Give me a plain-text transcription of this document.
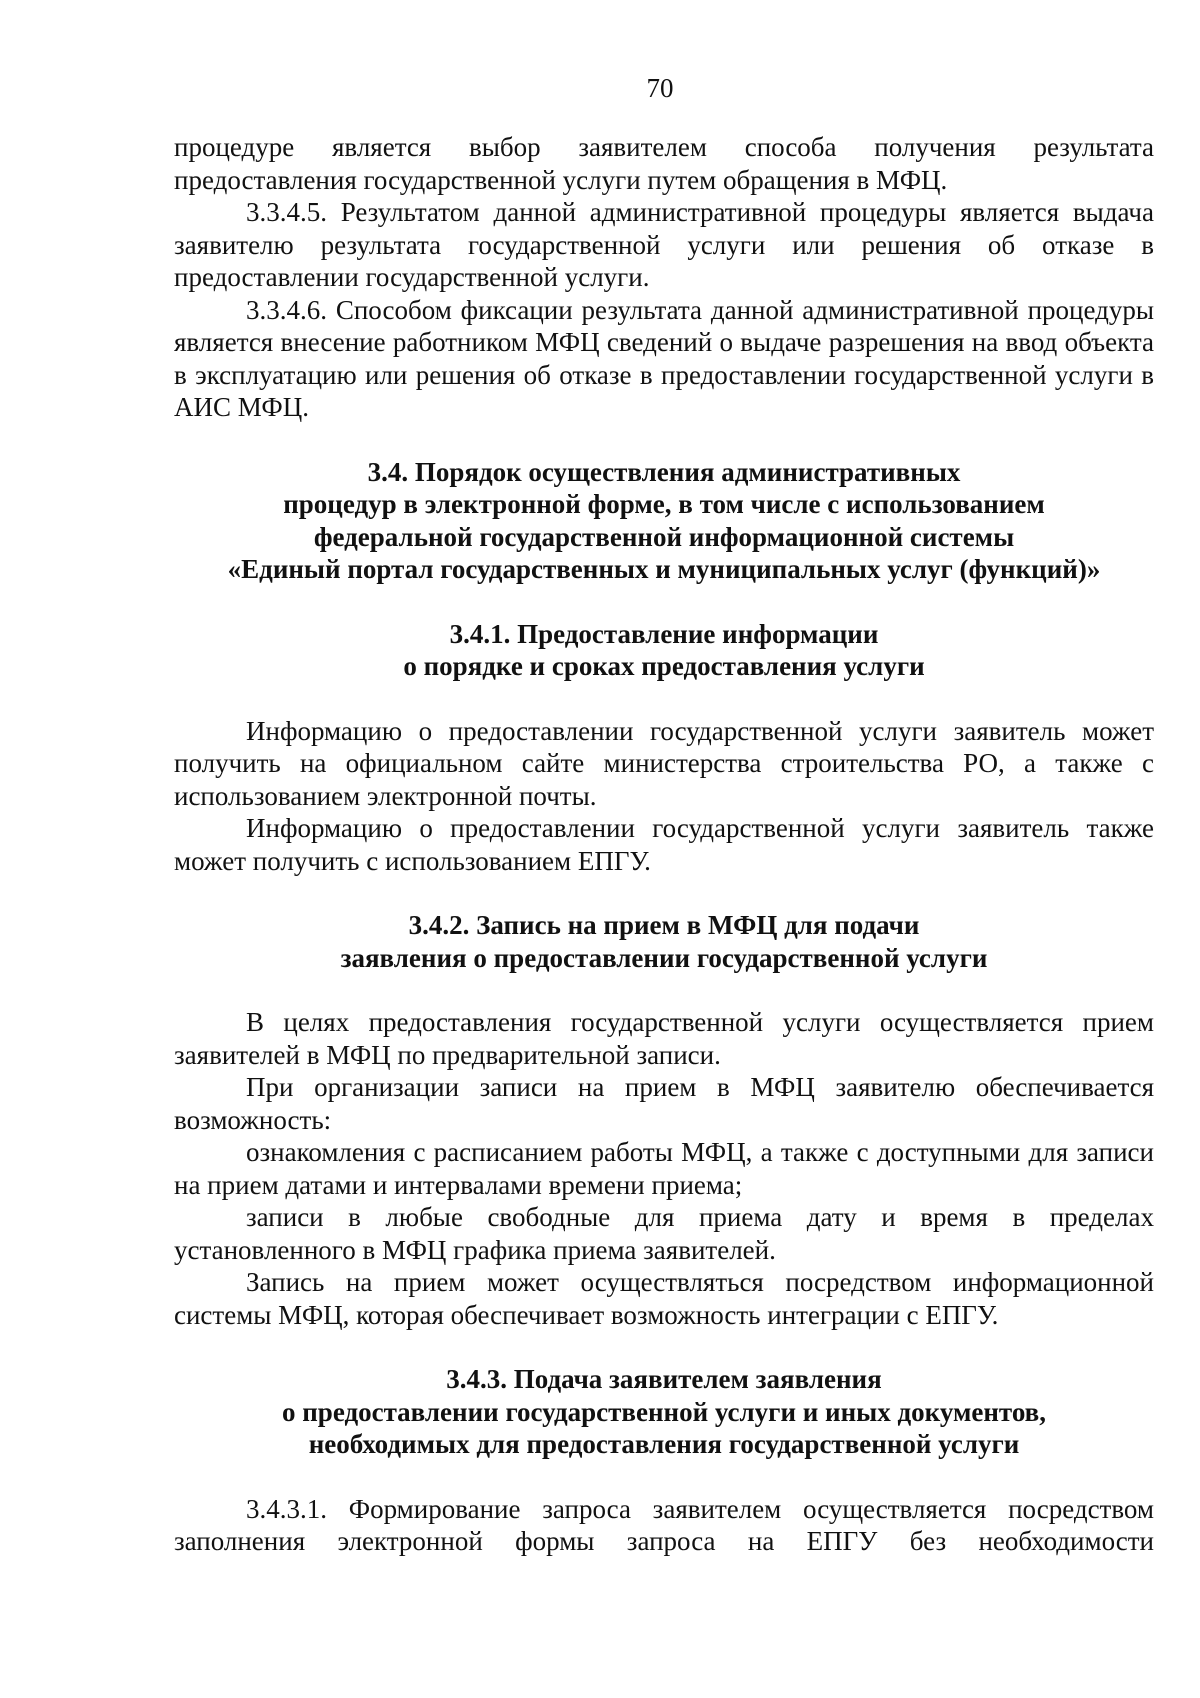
70

процедуре является выбор заявителем способа получения результата предоставления государственной услуги путем обращения в МФЦ.

3.3.4.5. Результатом данной административной процедуры является выдача заявителю результата государственной услуги или решения об отказе в предоставлении государственной услуги.

3.3.4.6. Способом фиксации результата данной административной процедуры является внесение работником МФЦ сведений о выдаче разрешения на ввод объекта в эксплуатацию или решения об отказе в предоставлении государственной услуги в АИС МФЦ.

3.4. Порядок осуществления административных
процедур в электронной форме, в том числе с использованием
федеральной государственной информационной системы
«Единый портал государственных и муниципальных услуг (функций)»
3.4.1. Предоставление информации
о порядке и сроках предоставления услуги

Информацию о предоставлении государственной услуги заявитель может получить на официальном сайте министерства строительства РО, а также с использованием электронной почты.

Информацию о предоставлении государственной услуги заявитель также может получить с использованием ЕПГУ.

3.4.2. Запись на прием в МФЦ для подачи
заявления о предоставлении государственной услуги

В целях предоставления государственной услуги осуществляется прием заявителей в МФЦ по предварительной записи.

При организации записи на прием в МФЦ заявителю обеспечивается возможность:

ознакомления с расписанием работы МФЦ, а также с доступными для записи на прием датами и интервалами времени приема;

записи в любые свободные для приема дату и время в пределах установленного в МФЦ графика приема заявителей.

Запись на прием может осуществляться посредством информационной системы МФЦ, которая обеспечивает возможность интеграции с ЕПГУ.

3.4.3. Подача заявителем заявления
о предоставлении государственной услуги и иных документов,
необходимых для предоставления государственной услуги

3.4.3.1. Формирование запроса заявителем осуществляется посредством заполнения электронной формы запроса на ЕПГУ без необходимости
